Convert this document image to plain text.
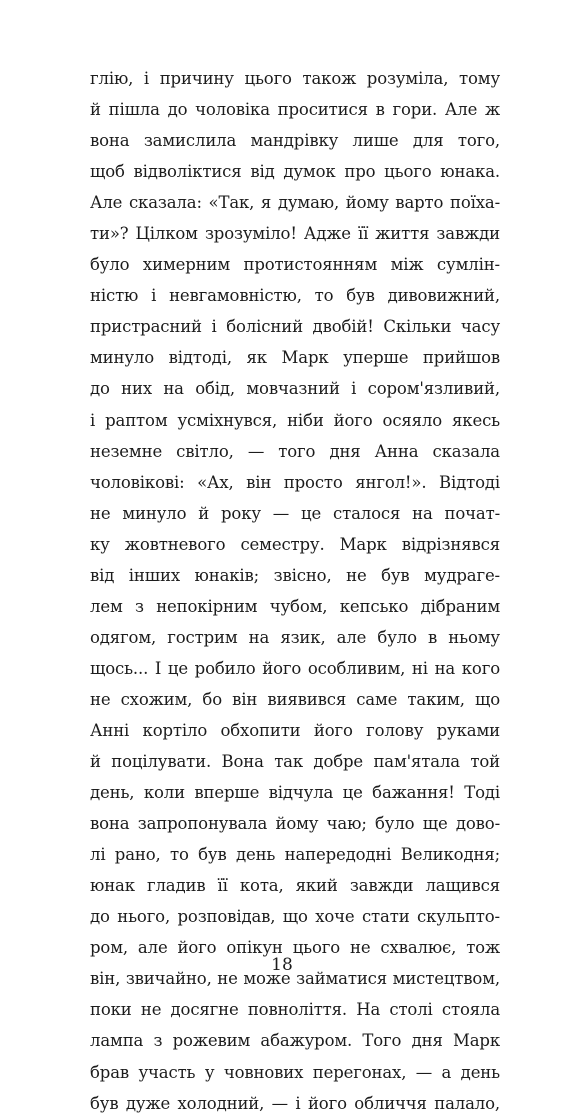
глію, і причину цього також розуміла, тому
й пішла до чоловіка проситися в гори. Але ж
вона замислила мандрівку лише для того,
щоб відволіктися від думок про цього юнака.
Але сказала: «Так, я думаю, йому варто поїха-
ти»? Цілком зрозуміло! Адже її життя завжди
було химерним протистоянням між сумлін-
ністю і невгамовністю, то був дивовижний,
пристрасний і болісний двобій! Скільки часу
минуло відтоді, як Марк уперше прийшов
до них на обід, мовчазний і сором'язливий,
і раптом усміхнувся, ніби його осяяло якесь
неземне світло, — того дня Анна сказала
чоловікові: «Ах, він просто янгол!». Відтоді
не минуло й року — це сталося на почат-
ку жовтневого семестру. Марк відрізнявся
від інших юнаків; звісно, не був мудраге-
лем з непокірним чубом, кепсько дібраним
одягом, гострим на язик, але було в ньому
щось... І це робило його особливим, ні на кого
не схожим, бо він виявився саме таким, що
Анні кортіло обхопити його голову руками
й поцілувати. Вона так добре пам'ятала той
день, коли вперше відчула це бажання! Тоді
вона запропонувала йому чаю; було ще дово-
лі рано, то був день напередодні Великодня;
юнак гладив її кота, який завжди лащився
до нього, розповідав, що хоче стати скульпто-
ром, але його опікун цього не схвалює, тож
він, звичайно, не може займатися мистецтвом,
поки не досягне повноліття. На столі стояла
лампа з рожевим абажуром. Того дня Марк
брав участь у човнових перегонах, — а день
був дуже холодний, — і його обличчя палало,
18
